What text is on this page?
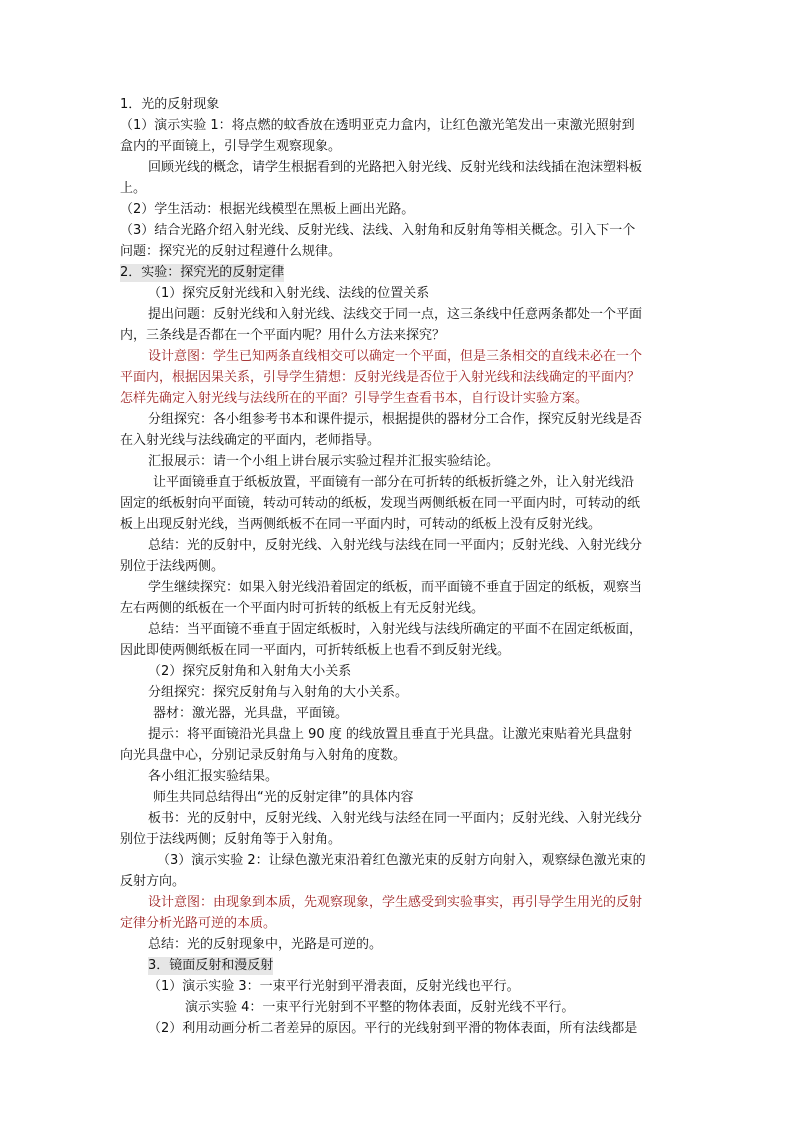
1．光的反射现象
（1）演示实验 1：将点燃的蚊香放在透明亚克力盒内，让红色激光笔发出一束激光照射到
盒内的平面镜上，引导学生观察现象。
回顾光线的概念，请学生根据看到的光路把入射光线、反射光线和法线插在泡沫塑料板
上。
（2）学生活动：根据光线模型在黑板上画出光路。
（3）结合光路介绍入射光线、反射光线、法线、入射角和反射角等相关概念。引入下一个
问题：探究光的反射过程遵什么规律。
2．实验：探究光的反射定律
（1）探究反射光线和入射光线、法线的位置关系
提出问题：反射光线和入射光线、法线交于同一点，这三条线中任意两条都处一个平面
内，三条线是否都在一个平面内呢？用什么方法来探究？
设计意图：学生已知两条直线相交可以确定一个平面，但是三条相交的直线未必在一个
平面内，根据因果关系，引导学生猜想：反射光线是否位于入射光线和法线确定的平面内？
怎样先确定入射光线与法线所在的平面？引导学生查看书本，自行设计实验方案。
分组探究：各小组参考书本和课件提示，根据提供的器材分工合作，探究反射光线是否
在入射光线与法线确定的平面内，老师指导。
汇报展示：请一个小组上讲台展示实验过程并汇报实验结论。
让平面镜垂直于纸板放置，平面镜有一部分在可折转的纸板折缝之外，让入射光线沿
固定的纸板射向平面镜，转动可转动的纸板，发现当两侧纸板在同一平面内时，可转动的纸
板上出现反射光线，当两侧纸板不在同一平面内时，可转动的纸板上没有反射光线。
总结：光的反射中，反射光线、入射光线与法线在同一平面内；反射光线、入射光线分
别位于法线两侧。
学生继续探究：如果入射光线沿着固定的纸板，而平面镜不垂直于固定的纸板，观察当
左右两侧的纸板在一个平面内时可折转的纸板上有无反射光线。
总结：当平面镜不垂直于固定纸板时，入射光线与法线所确定的平面不在固定纸板面，
因此即使两侧纸板在同一平面内，可折转纸板上也看不到反射光线。
（2）探究反射角和入射角大小关系
分组探究：探究反射角与入射角的大小关系。
器材：激光器，光具盘，平面镜。
提示：将平面镜沿光具盘上 90 度 的线放置且垂直于光具盘。让激光束贴着光具盘射
向光具盘中心，分别记录反射角与入射角的度数。
各小组汇报实验结果。
师生共同总结得出“光的反射定律”的具体内容
板书：光的反射中，反射光线、入射光线与法经在同一平面内；反射光线、入射光线分
别位于法线两侧；反射角等于入射角。
（3）演示实验 2：让绿色激光束沿着红色激光束的反射方向射入，观察绿色激光束的
反射方向。
设计意图：由现象到本质，先观察现象，学生感受到实验事实，再引导学生用光的反射
定律分析光路可逆的本质。
总结：光的反射现象中，光路是可逆的。
3．镜面反射和漫反射
（1）演示实验 3：一束平行光射到平滑表面，反射光线也平行。
演示实验 4：一束平行光射到不平整的物体表面，反射光线不平行。
（2）利用动画分析二者差异的原因。平行的光线射到平滑的物体表面，所有法线都是
